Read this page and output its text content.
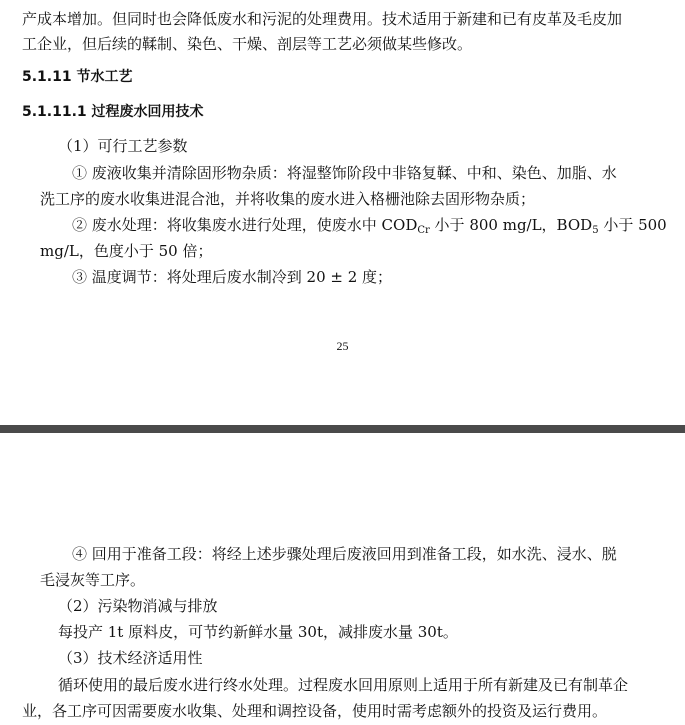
产成本增加。但同时也会降低废水和污泥的处理费用。技术适用于新建和已有皮革及毛皮加
工企业，但后续的鞣制、染色、干燥、剖层等工艺必须做某些修改。
5.1.11 节水工艺
5.1.11.1 过程废水回用技术
（1）可行工艺参数
① 废液收集并清除固形物杂质：将湿整饰阶段中非铬复鞣、中和、染色、加脂、水
洗工序的废水收集进混合池，并将收集的废水进入格栅池除去固形物杂质；
② 废水处理：将收集废水进行处理，使废水中 $COD_{Cr}$ 小于 800 mg/L，$BOD_5$ 小于 500
mg/L，色度小于 50 倍；
③ 温度调节：将处理后废水制冷到 20 ± 2 度；
25
④ 回用于准备工段：将经上述步骤处理后废液回用到准备工段，如水洗、浸水、脱
毛浸灰等工序。
（2）污染物消减与排放
每投产 1t 原料皮，可节约新鲜水量 30t，减排废水量 30t。
（3）技术经济适用性
循环使用的最后废水进行终水处理。过程废水回用原则上适用于所有新建及已有制革企
业，各工序可因需要废水收集、处理和调控设备，使用时需考虑额外的投资及运行费用。
